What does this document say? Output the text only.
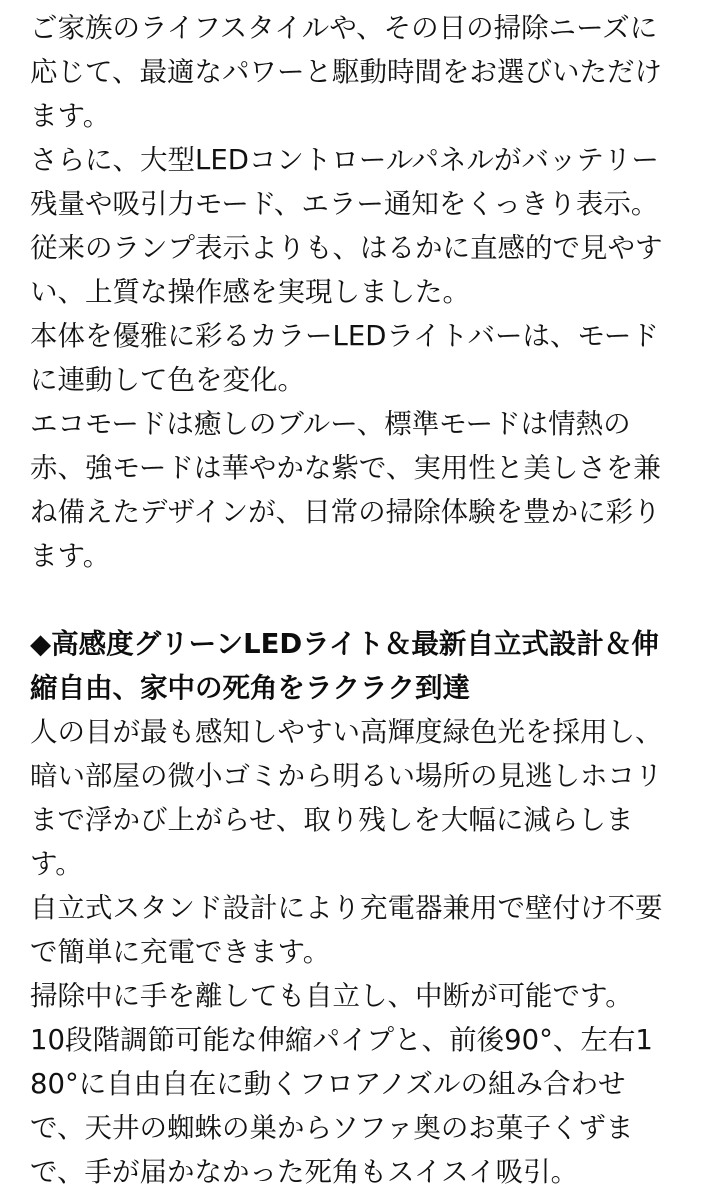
ご家族のライフスタイルや、その日の掃除ニーズに応じて、最適なパワーと駆動時間をお選びいただけます。

さらに、大型LEDコントロールパネルがバッテリー残量や吸引力モード、エラー通知をくっきり表示。従来のランプ表示よりも、はるかに直感的で見やすい、上質な操作感を実現しました。

本体を優雅に彩るカラーLEDライトバーは、モードに連動して色を変化。

エコモードは癒しのブルー、標準モードは情熱の赤、強モードは華やかな紫で、実用性と美しさを兼ね備えたデザインが、日常の掃除体験を豊かに彩ります。

◆高感度グリーンLEDライト＆最新自立式設計＆伸縮自由、家中の死角をラクラク到達

人の目が最も感知しやすい高輝度緑色光を採用し、暗い部屋の微小ゴミから明るい場所の見逃しホコリまで浮かび上がらせ、取り残しを大幅に減らします。

自立式スタンド設計により充電器兼用で壁付け不要で簡単に充電できます。

掃除中に手を離しても自立し、中断が可能です。

10段階調節可能な伸縮パイプと、前後90°、左右180°に自由自在に動くフロアノズルの組み合わせで、天井の蜘蛛の巣からソファ奥のお菓子くずまで、手が届かなかった死角もスイスイ吸引。
